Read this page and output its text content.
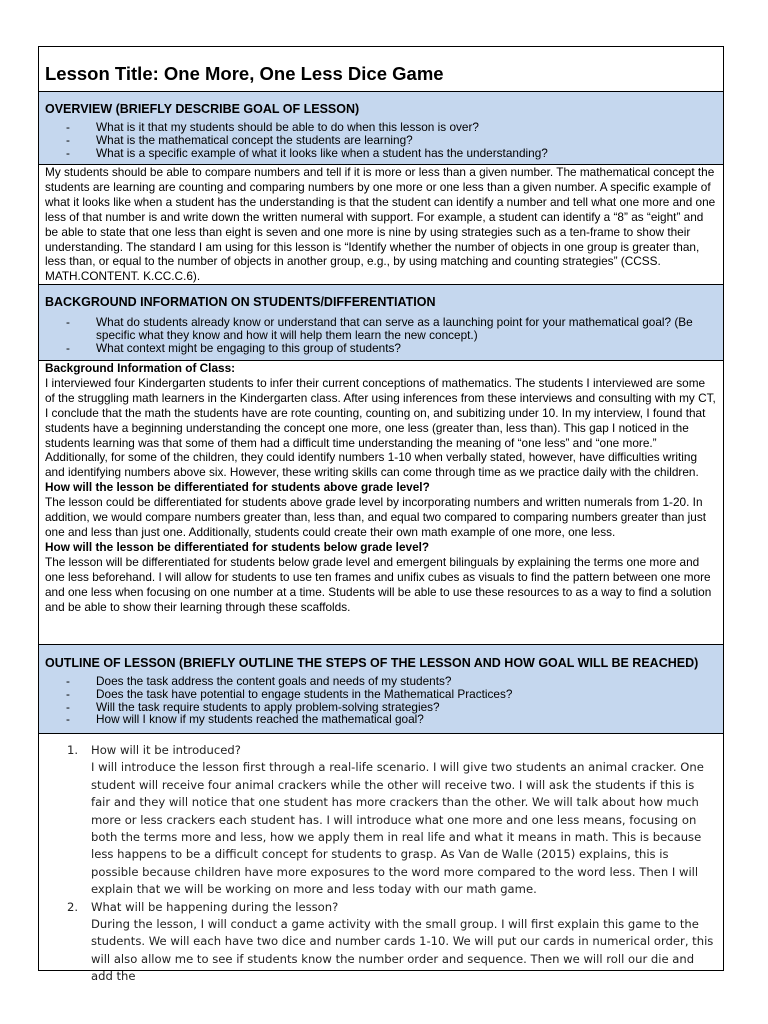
Lesson Title: One More, One Less Dice Game

OVERVIEW (BRIEFLY DESCRIBE GOAL OF LESSON)

- What is it that my students should be able to do when this lesson is over?
- What is the mathematical concept the students are learning?
- What is a specific example of what it looks like when a student has the understanding?

My students should be able to compare numbers and tell if it is more or less than a given number. The mathematical concept the students are learning are counting and comparing numbers by one more or one less than a given number. A specific example of what it looks like when a student has the understanding is that the student can identify a number and tell what one more and one less of that number is and write down the written numeral with support. For example, a student can identify a “8” as “eight” and be able to state that one less than eight is seven and one more is nine by using strategies such as a ten-frame to show their understanding. The standard I am using for this lesson is “Identify whether the number of objects in one group is greater than, less than, or equal to the number of objects in another group, e.g., by using matching and counting strategies” (CCSS. MATH.CONTENT. K.CC.C.6).

BACKGROUND INFORMATION ON STUDENTS/DIFFERENTIATION

- What do students already know or understand that can serve as a launching point for your mathematical goal? (Be specific what they know and how it will help them learn the new concept.)
- What context might be engaging to this group of students?

Background Information of Class:

I interviewed four Kindergarten students to infer their current conceptions of mathematics. The students I interviewed are some of the struggling math learners in the Kindergarten class. After using inferences from these interviews and consulting with my CT, I conclude that the math the students have are rote counting, counting on, and subitizing under 10. In my interview, I found that students have a beginning understanding the concept one more, one less (greater than, less than). This gap I noticed in the students learning was that some of them had a difficult time understanding the meaning of “one less” and “one more.” Additionally, for some of the children, they could identify numbers 1-10 when verbally stated, however, have difficulties writing and identifying numbers above six. However, these writing skills can come through time as we practice daily with the children.

How will the lesson be differentiated for students above grade level?

The lesson could be differentiated for students above grade level by incorporating numbers and written numerals from 1-20. In addition, we would compare numbers greater than, less than, and equal two compared to comparing numbers greater than just one and less than just one. Additionally, students could create their own math example of one more, one less.

How will the lesson be differentiated for students below grade level?

The lesson will be differentiated for students below grade level and emergent bilinguals by explaining the terms one more and one less beforehand. I will allow for students to use ten frames and unifix cubes as visuals to find the pattern between one more and one less when focusing on one number at a time. Students will be able to use these resources to as a way to find a solution and be able to show their learning through these scaffolds.

OUTLINE OF LESSON (BRIEFLY OUTLINE THE STEPS OF THE LESSON AND HOW GOAL WILL BE REACHED)

- Does the task address the content goals and needs of my students?
- Does the task have potential to engage students in the Mathematical Practices?
- Will the task require students to apply problem-solving strategies?
- How will I know if my students reached the mathematical goal?
1. How will it be introduced?
I will introduce the lesson first through a real-life scenario. I will give two students an animal cracker. One student will receive four animal crackers while the other will receive two. I will ask the students if this is fair and they will notice that one student has more crackers than the other. We will talk about how much more or less crackers each student has. I will introduce what one more and one less means, focusing on both the terms more and less, how we apply them in real life and what it means in math. This is because less happens to be a difficult concept for students to grasp. As Van de Walle (2015) explains, this is possible because children have more exposures to the word more compared to the word less. Then I will explain that we will be working on more and less today with our math game.
2. What will be happening during the lesson?
During the lesson, I will conduct a game activity with the small group. I will first explain this game to the students. We will each have two dice and number cards 1-10. We will put our cards in numerical order, this will also allow me to see if students know the number order and sequence. Then we will roll our die and add the
